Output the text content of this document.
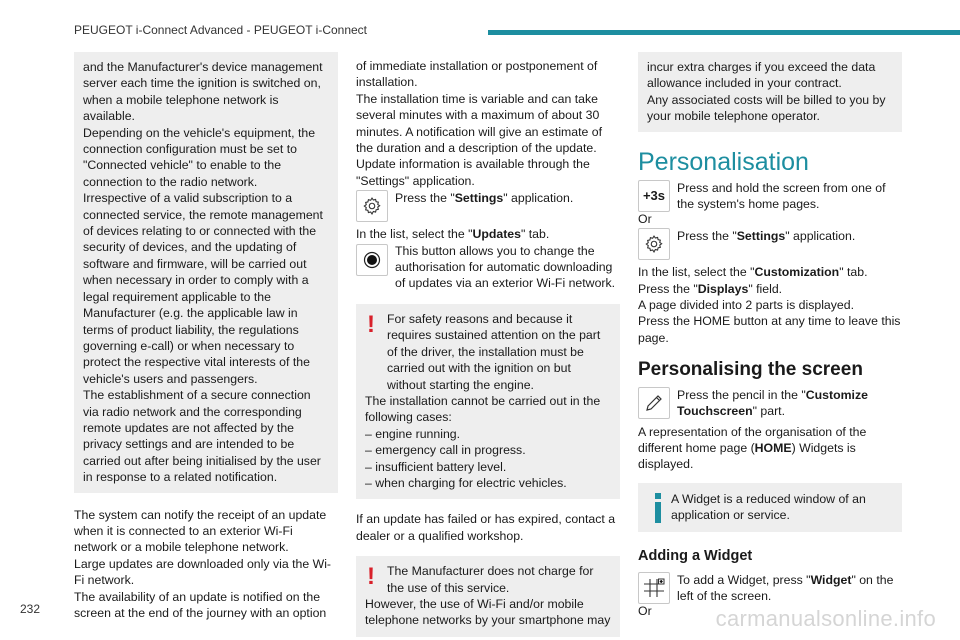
PEUGEOT i-Connect Advanced - PEUGEOT i-Connect

and the Manufacturer's device management server each time the ignition is switched on, when a mobile telephone network is available.

Depending on the vehicle's equipment, the connection configuration must be set to "Connected vehicle" to enable to the connection to the radio network.

Irrespective of a valid subscription to a connected service, the remote management of devices relating to or connected with the security of devices, and the updating of software and firmware, will be carried out when necessary in order to comply with a legal requirement applicable to the Manufacturer (e.g. the applicable law in terms of product liability, the regulations governing e-call) or when necessary to protect the respective vital interests of the vehicle's users and passengers.

The establishment of a secure connection via radio network and the corresponding remote updates are not affected by the privacy settings and are intended to be carried out after being initialised by the user in response to a related notification.

The system can notify the receipt of an update when it is connected to an exterior Wi-Fi network or a mobile telephone network.

Large updates are downloaded only via the Wi-Fi network.

The availability of an update is notified on the screen at the end of the journey with an option

of immediate installation or postponement of installation.

The installation time is variable and can take several minutes with a maximum of about 30 minutes. A notification will give an estimate of the duration and a description of the update.

Update information is available through the "Settings" application.

Press the "Settings" application.

In the list, select the "Updates" tab.

This button allows you to change the authorisation for automatic downloading of updates via an exterior Wi-Fi network.
! For safety reasons and because it requires sustained attention on the part of the driver, the installation must be carried out with the ignition on but without starting the engine.

The installation cannot be carried out in the following cases:

– engine running.

– emergency call in progress.

– insufficient battery level.

– when charging for electric vehicles.

If an update has failed or has expired, contact a dealer or a qualified workshop.

! The Manufacturer does not charge for the use of this service.

However, the use of Wi-Fi and/or mobile telephone networks by your smartphone may

incur extra charges if you exceed the data allowance included in your contract.

Any associated costs will be billed to you by your mobile telephone operator.

Personalisation
+3s Press and hold the screen from one of the system's home pages.

Or

Press the "Settings" application.

In the list, select the "Customization" tab.

Press the "Displays" field.

A page divided into 2 parts is displayed.

Press the HOME button at any time to leave this page.

Personalising the screen
Press the pencil in the "Customize Touchscreen" part.

A representation of the organisation of the different home page (HOME) Widgets is displayed.

A Widget is a reduced window of an application or service.
Adding a Widget
To add a Widget, press "Widget" on the left of the screen.

Or

232	carmanualsonline.info
